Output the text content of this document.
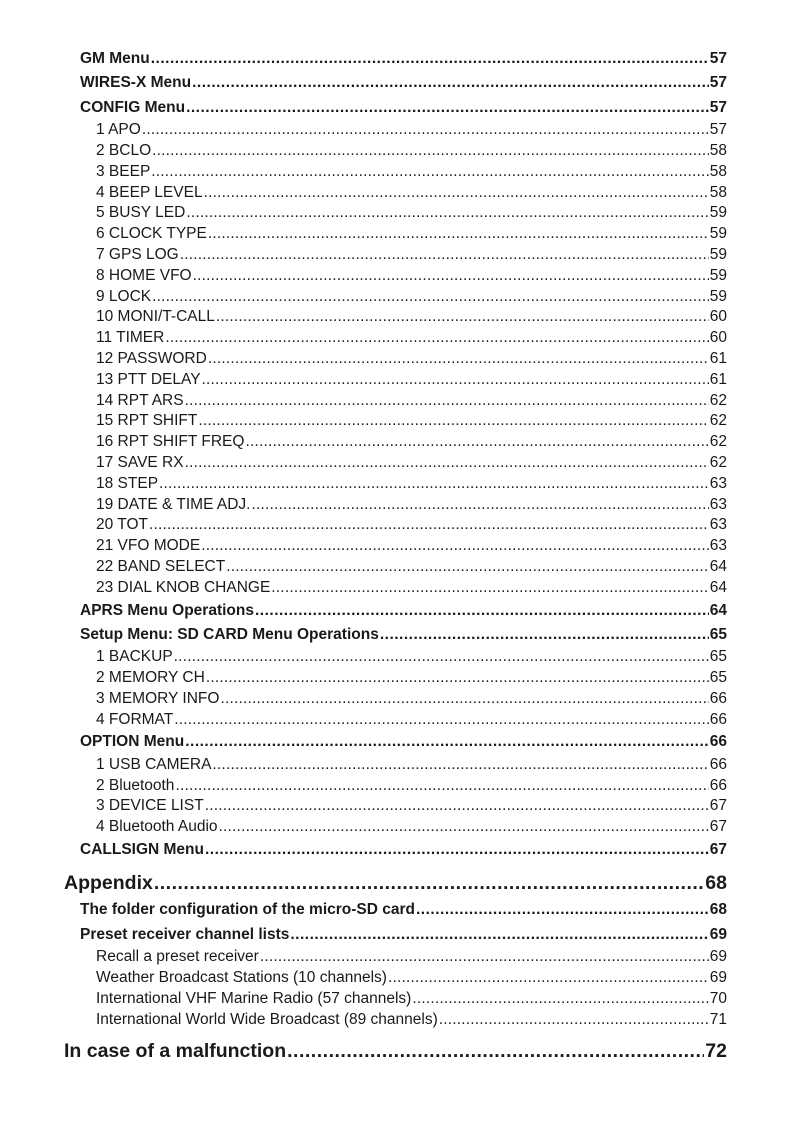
GM Menu .....	57
WIRES-X Menu .....	57
CONFIG Menu .....	57
1 APO .....	57
2 BCLO .....	58
3 BEEP .....	58
4 BEEP LEVEL .....	58
5 BUSY LED .....	59
6 CLOCK TYPE .....	59
7 GPS LOG .....	59
8 HOME VFO .....	59
9 LOCK .....	59
10 MONI/T-CALL .....	60
11 TIMER .....	60
12 PASSWORD .....	61
13 PTT DELAY .....	61
14 RPT ARS .....	62
15 RPT SHIFT .....	62
16 RPT SHIFT FREQ .....	62
17 SAVE RX .....	62
18 STEP .....	63
19 DATE & TIME ADJ. .....	63
20 TOT .....	63
21 VFO MODE .....	63
22 BAND SELECT .....	64
23 DIAL KNOB CHANGE .....	64
APRS Menu Operations .....	64
Setup Menu: SD CARD Menu Operations .....	65
1 BACKUP .....	65
2 MEMORY CH .....	65
3 MEMORY INFO .....	66
4 FORMAT .....	66
OPTION Menu .....	66
1 USB CAMERA .....	66
2 Bluetooth .....	66
3 DEVICE LIST .....	67
4 Bluetooth Audio .....	67
CALLSIGN Menu .....	67
Appendix .....	68
The folder configuration of the micro-SD card .....	68
Preset receiver channel lists .....	69
Recall a preset receiver .....	69
Weather Broadcast Stations (10 channels) .....	69
International VHF Marine Radio (57 channels) .....	70
International World Wide Broadcast (89 channels) .....	71
In case of a malfunction .....	72
